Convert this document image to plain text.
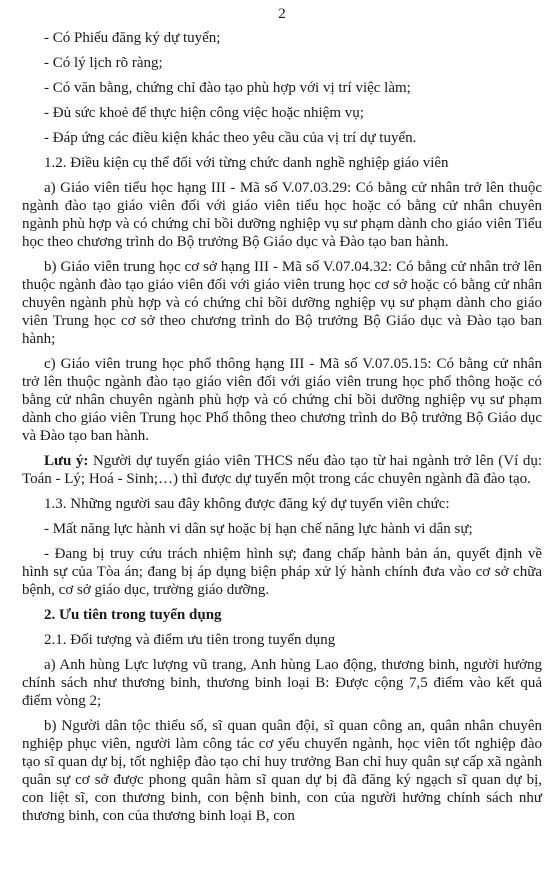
2

- Có Phiếu đăng ký dự tuyển;

- Có lý lịch rõ ràng;

- Có văn bằng, chứng chỉ đào tạo phù hợp với vị trí việc làm;

- Đủ sức khoẻ để thực hiện công việc hoặc nhiệm vụ;

- Đáp ứng các điều kiện khác theo yêu cầu của vị trí dự tuyển.

1.2. Điều kiện cụ thể đối với từng chức danh nghề nghiệp giáo viên

a) Giáo viên tiểu học hạng III - Mã số V.07.03.29: Có bằng cử nhân trở lên thuộc ngành đào tạo giáo viên đối với giáo viên tiểu học hoặc có bằng cử nhân chuyên ngành phù hợp và có chứng chỉ bồi dưỡng nghiệp vụ sư phạm dành cho giáo viên Tiểu học theo chương trình do Bộ trưởng Bộ Giáo dục và Đào tạo ban hành.

b) Giáo viên trung học cơ sở hạng III - Mã số V.07.04.32: Có bằng cử nhân trở lên thuộc ngành đào tạo giáo viên đối với giáo viên trung học cơ sở hoặc có bằng cử nhân chuyên ngành phù hợp và có chứng chỉ bồi dưỡng nghiệp vụ sư phạm dành cho giáo viên Trung học cơ sở theo chương trình do Bộ trưởng Bộ Giáo dục và Đào tạo ban hành;

c) Giáo viên trung học phổ thông hạng III - Mã số V.07.05.15: Có bằng cử nhân trở lên thuộc ngành đào tạo giáo viên đối với giáo viên trung học phổ thông hoặc có bằng cử nhân chuyên ngành phù hợp và có chứng chỉ bồi dưỡng nghiệp vụ sư phạm dành cho giáo viên Trung học Phổ thông theo chương trình do Bộ trưởng Bộ Giáo dục và Đào tạo ban hành.

Lưu ý: Người dự tuyển giáo viên THCS nếu đào tạo từ hai ngành trở lên (Ví dụ: Toán - Lý; Hoá - Sinh;…) thì được dự tuyển một trong các chuyên ngành đã đào tạo.

1.3. Những người sau đây không được đăng ký dự tuyển viên chức:

- Mất năng lực hành vi dân sự hoặc bị hạn chế năng lực hành vi dân sự;

- Đang bị truy cứu trách nhiệm hình sự; đang chấp hành bản án, quyết định về hình sự của Tòa án; đang bị áp dụng biện pháp xử lý hành chính đưa vào cơ sở chữa bệnh, cơ sở giáo dục, trường giáo dưỡng.

2. Ưu tiên trong tuyển dụng

2.1. Đối tượng và điểm ưu tiên trong tuyển dụng

a) Anh hùng Lực lượng vũ trang, Anh hùng Lao động, thương binh, người hưởng chính sách như thương binh, thương binh loại B: Được cộng 7,5 điểm vào kết quả điểm vòng 2;

b) Người dân tộc thiểu số, sĩ quan quân đội, sĩ quan công an, quân nhân chuyên nghiệp phục viên, người làm công tác cơ yếu chuyển ngành, học viên tốt nghiệp đào tạo sĩ quan dự bị, tốt nghiệp đào tạo chỉ huy trưởng Ban chỉ huy quân sự cấp xã ngành quân sự cơ sở được phong quân hàm sĩ quan dự bị đã đăng ký ngạch sĩ quan dự bị, con liệt sĩ, con thương binh, con bệnh binh, con của người hưởng chính sách như thương binh, con của thương binh loại B, con
